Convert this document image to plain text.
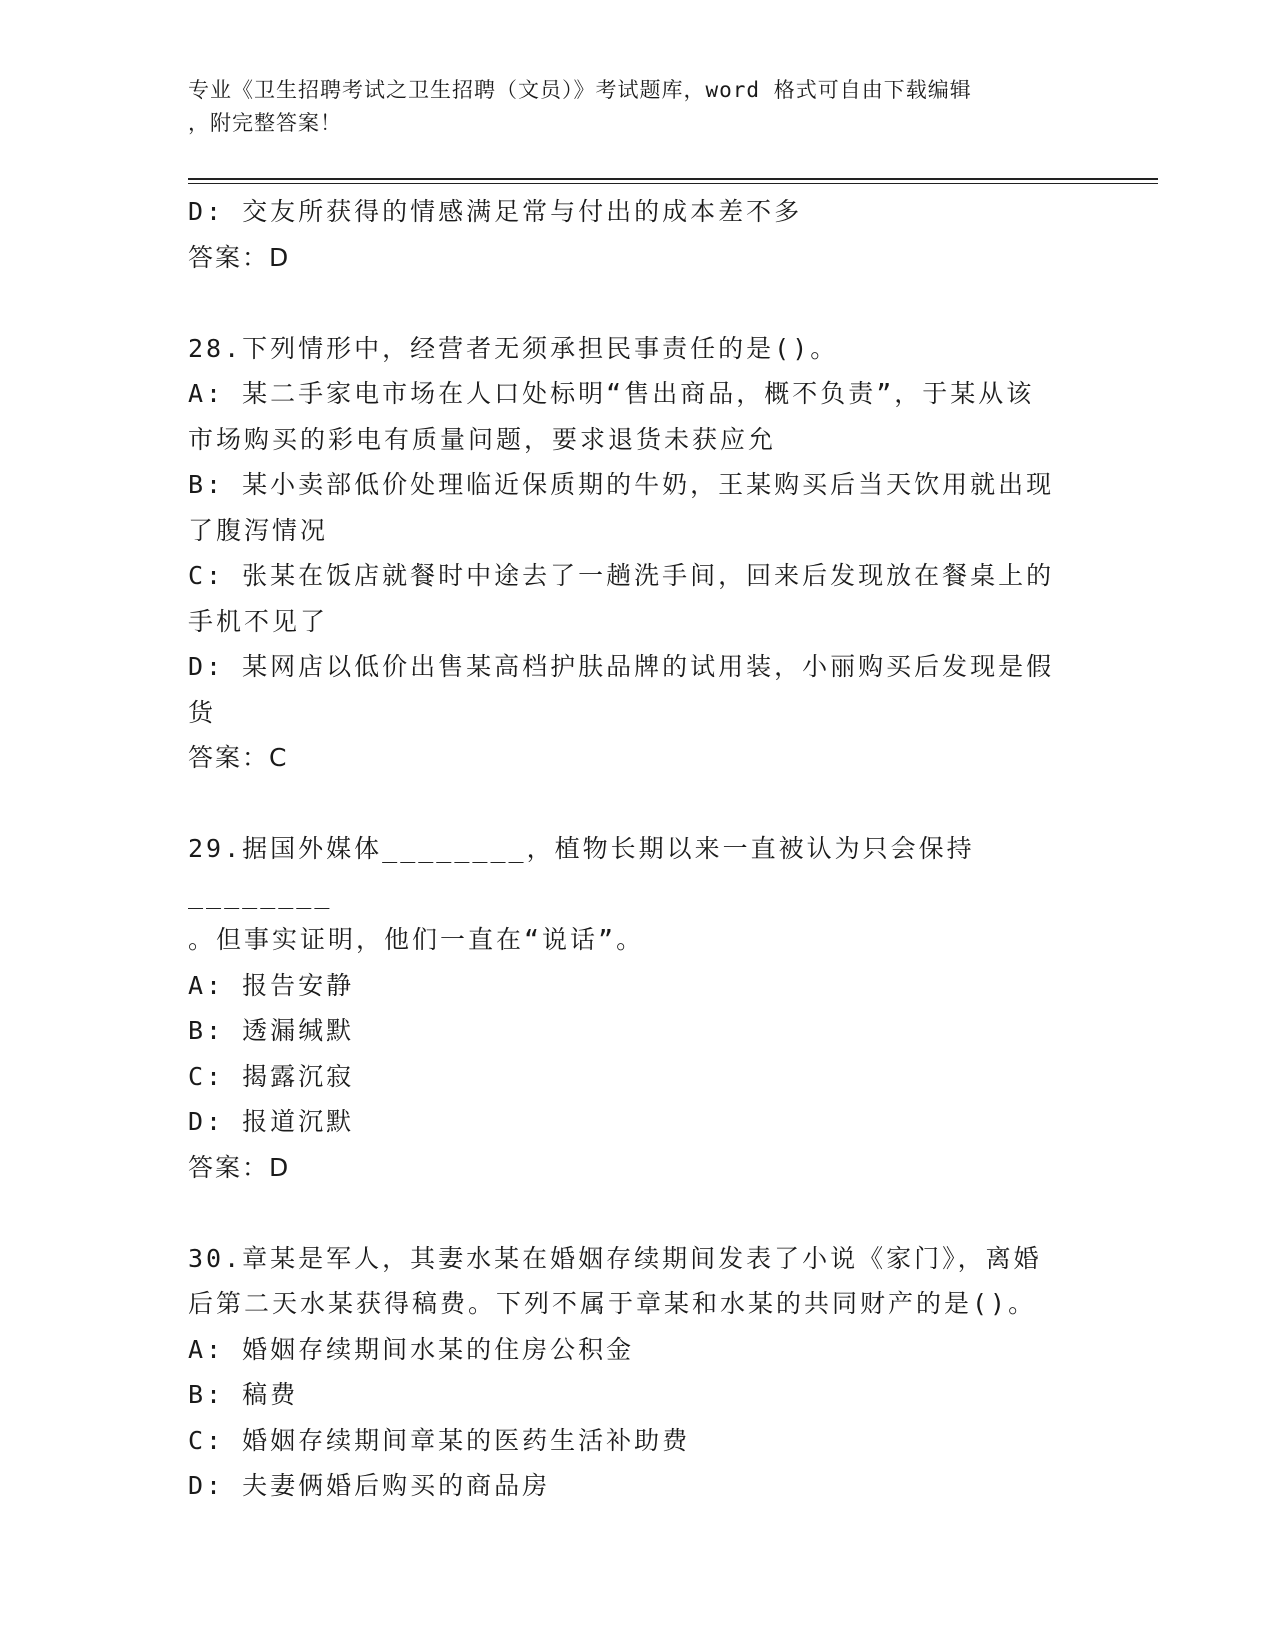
专业《卫生招聘考试之卫生招聘（文员）》考试题库，word 格式可自由下载编辑
，附完整答案！

D: 交友所获得的情感满足常与付出的成本差不多

答案：D

28.下列情形中，经营者无须承担民事责任的是()。

A: 某二手家电市场在人口处标明“售出商品，概不负责”，于某从该

市场购买的彩电有质量问题，要求退货未获应允

B: 某小卖部低价处理临近保质期的牛奶，王某购买后当天饮用就出现

了腹泻情况

C: 张某在饭店就餐时中途去了一趟洗手间，回来后发现放在餐桌上的

手机不见了

D: 某网店以低价出售某高档护肤品牌的试用装，小丽购买后发现是假

货

答案：C

29.据国外媒体________，植物长期以来一直被认为只会保持________

。但事实证明，他们一直在“说话”。

A: 报告安静

B: 透漏缄默

C: 揭露沉寂

D: 报道沉默

答案：D

30.章某是军人，其妻水某在婚姻存续期间发表了小说《家门》，离婚

后第二天水某获得稿费。下列不属于章某和水某的共同财产的是()。

A: 婚姻存续期间水某的住房公积金

B: 稿费

C: 婚姻存续期间章某的医药生活补助费

D: 夫妻俩婚后购买的商品房
